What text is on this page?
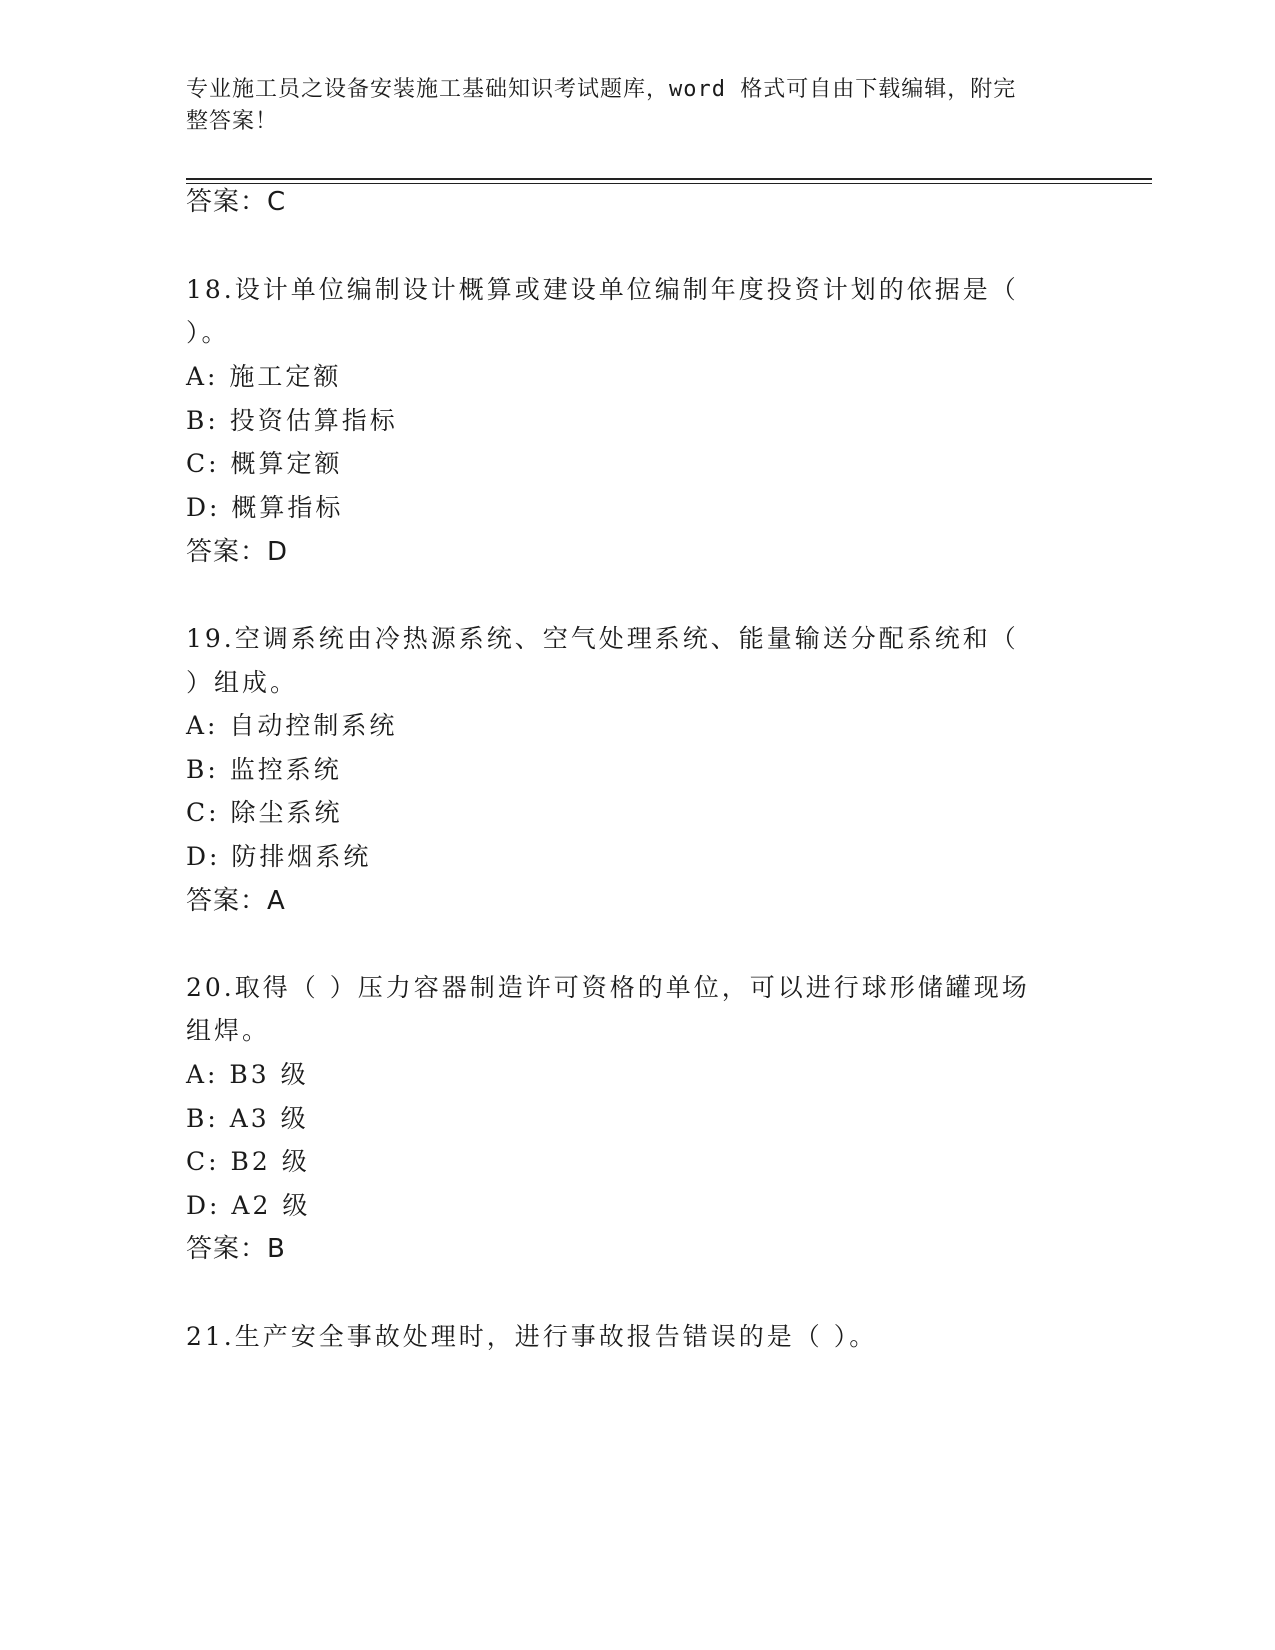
专业施工员之设备安装施工基础知识考试题库，word 格式可自由下载编辑，附完
整答案！
答案：C
18.设计单位编制设计概算或建设单位编制年度投资计划的依据是（
）。
A: 施工定额
B: 投资估算指标
C: 概算定额
D: 概算指标
答案：D
19.空调系统由冷热源系统、空气处理系统、能量输送分配系统和（
）组成。
A: 自动控制系统
B: 监控系统
C: 除尘系统
D: 防排烟系统
答案：A
20.取得（ ）压力容器制造许可资格的单位，可以进行球形储罐现场
组焊。
A: B3 级
B: A3 级
C: B2 级
D: A2 级
答案：B
21.生产安全事故处理时，进行事故报告错误的是（ ）。
